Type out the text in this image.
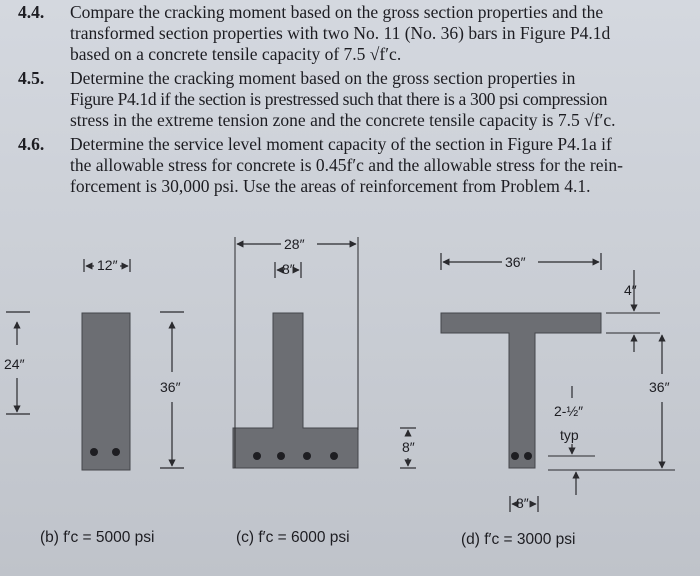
4.4. Compare the cracking moment based on the gross section properties and the
transformed section properties with two No. 11 (No. 36) bars in Figure P4.1d
based on a concrete tensile capacity of 7.5 √f′c.
4.5. Determine the cracking moment based on the gross section properties in
Figure P4.1d if the section is prestressed such that there is a 300 psi compression
stress in the extreme tension zone and the concrete tensile capacity is 7.5 √f′c.
4.6. Determine the service level moment capacity of the section in Figure P4.1a if
the allowable stress for concrete is 0.45f′c and the allowable stress for the rein-
forcement is 30,000 psi. Use the areas of reinforcement from Problem 4.1.
12″
24″
36″
28″
8″
8″
36″
4″
36″
2-½″
typ
8″
(b) f′c = 5000 psi	(c) f′c = 6000 psi	(d) f′c = 3000 psi
